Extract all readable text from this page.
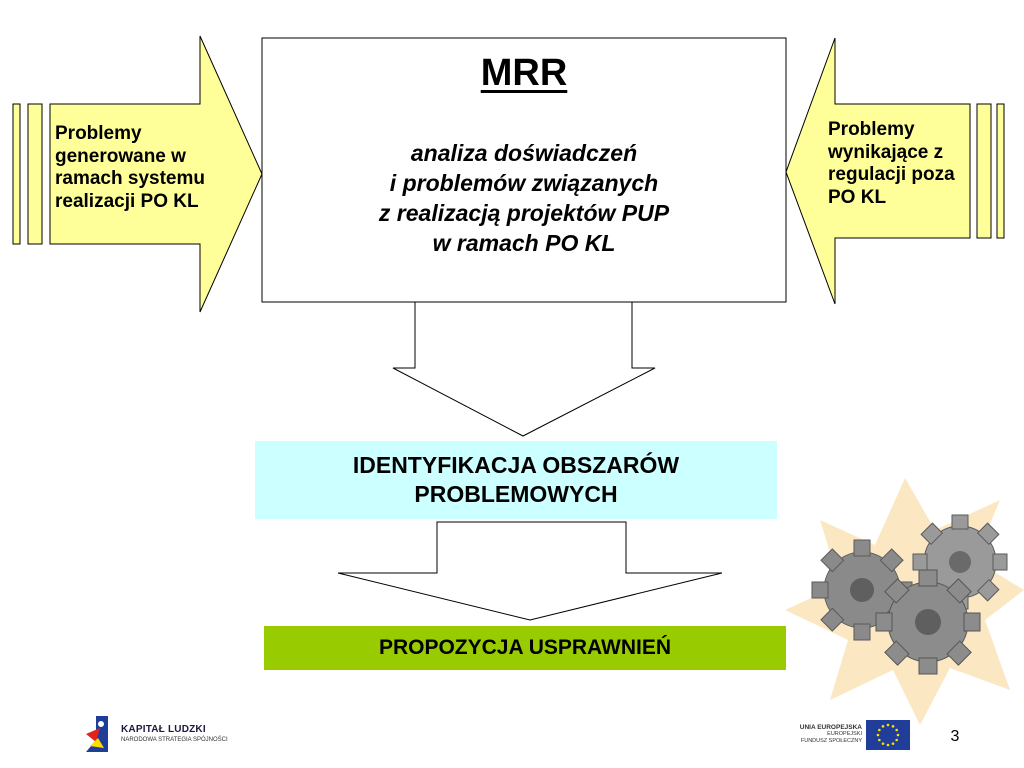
Problemy generowane w ramach systemu realizacji PO KL
Problemy wynikające z regulacji poza PO KL
MRR
analiza doświadczeń
i problemów związanych
z realizacją projektów PUP
w ramach PO KL
IDENTYFIKACJA OBSZARÓW
PROBLEMOWYCH
PROPOZYCJA USPRAWNIEŃ
KAPITAŁ LUDZKI
NARODOWA STRATEGIA SPÓJNOŚCI
UNIA EUROPEJSKA
EUROPEJSKI
FUNDUSZ SPOŁECZNY	3
